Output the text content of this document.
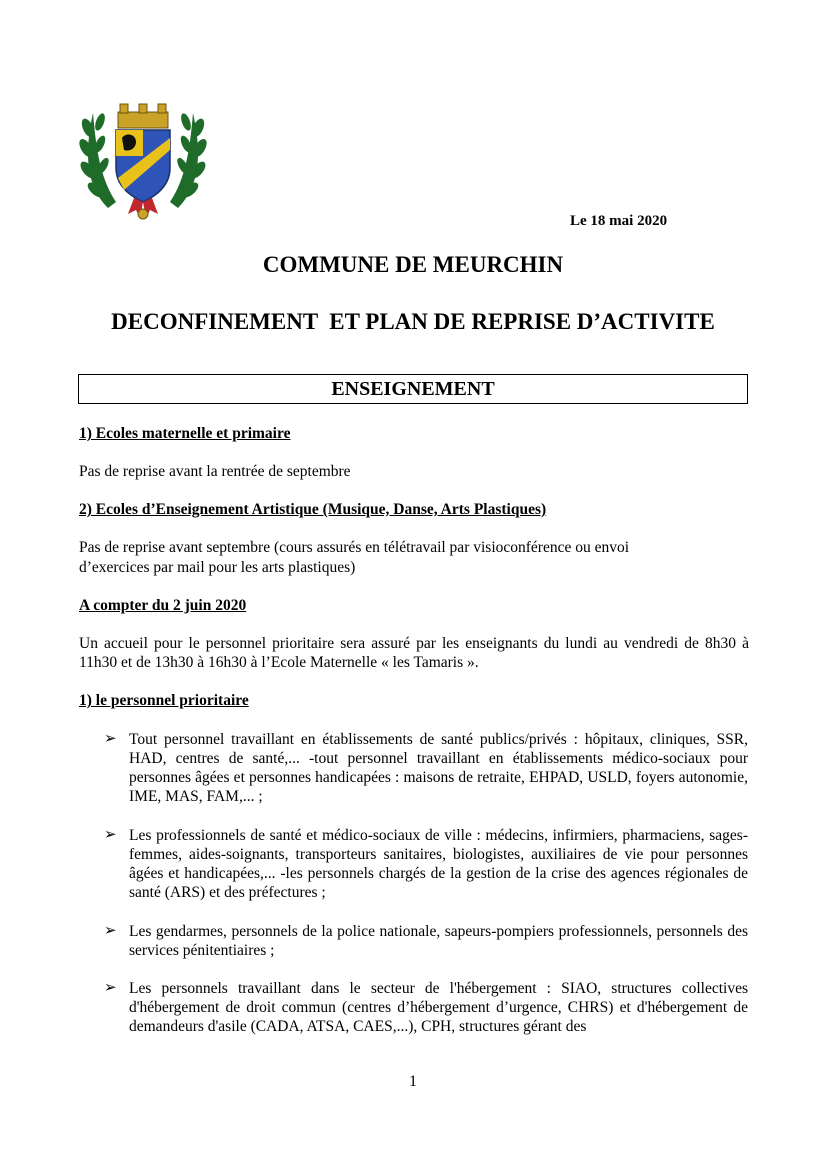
Le 18 mai 2020
COMMUNE DE MEURCHIN
DECONFINEMENT  ET PLAN DE REPRISE D’ACTIVITE
ENSEIGNEMENT
1) Ecoles maternelle et primaire
Pas de reprise avant la rentrée de septembre
2) Ecoles d’Enseignement Artistique (Musique, Danse, Arts Plastiques)
Pas de reprise avant septembre (cours assurés en télétravail par visioconférence ou envoi
d’exercices par mail pour les arts plastiques)
A compter du 2 juin 2020
Un accueil pour le personnel prioritaire sera assuré par les enseignants du lundi au vendredi de 8h30 à 11h30 et de 13h30 à 16h30 à l’Ecole Maternelle « les Tamaris ».
1) le personnel prioritaire
➢ Tout personnel travaillant en établissements de santé publics/privés : hôpitaux, cliniques, SSR, HAD, centres de santé,... -tout personnel travaillant en établissements médico-sociaux pour personnes âgées et personnes handicapées : maisons de retraite, EHPAD, USLD, foyers autonomie, IME, MAS, FAM,... ;
➢ Les professionnels de santé et médico-sociaux de ville : médecins, infirmiers, pharmaciens, sages-femmes, aides-soignants, transporteurs sanitaires, biologistes, auxiliaires de vie pour personnes âgées et handicapées,... -les personnels chargés de la gestion de la crise des agences régionales de santé (ARS) et des préfectures ;
➢ Les gendarmes, personnels de la police nationale, sapeurs-pompiers professionnels, personnels des services pénitentiaires ;
➢ Les personnels travaillant dans le secteur de l'hébergement : SIAO, structures collectives d'hébergement de droit commun (centres d’hébergement d’urgence, CHRS) et d'hébergement de demandeurs d'asile (CADA, ATSA, CAES,...), CPH, structures gérant des
1
